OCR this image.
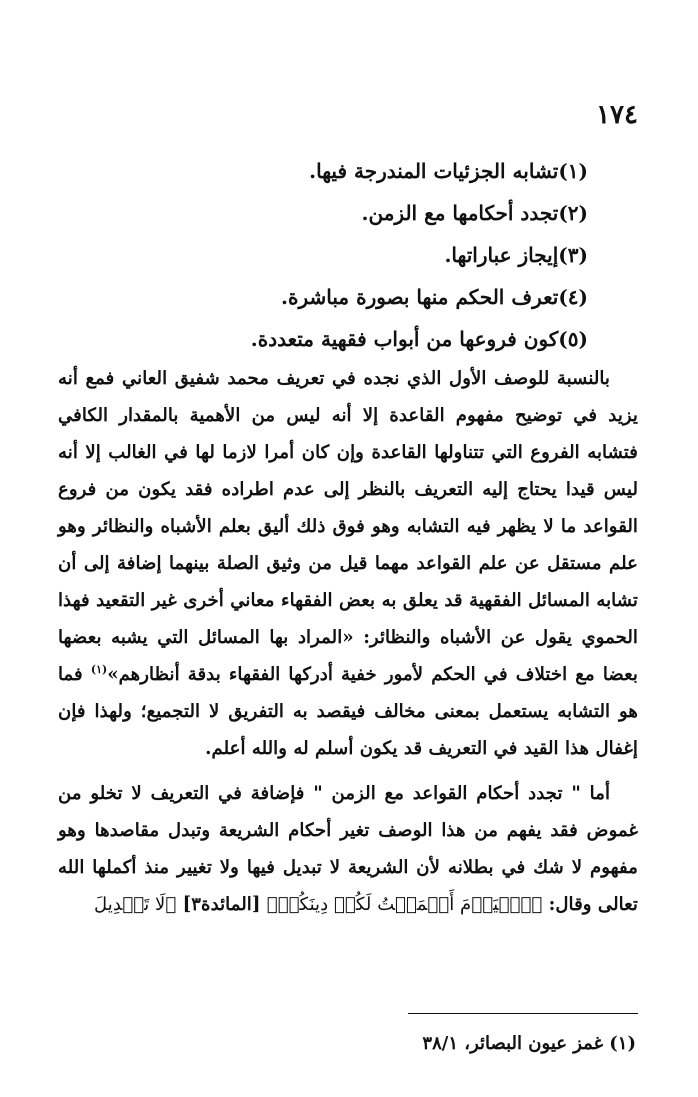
١٧٤
(١)تشابه الجزئيات المندرجة فيها.
(٢)تجدد أحكامها مع الزمن.
(٣)إيجاز عباراتها.
(٤)تعرف الحكم منها بصورة مباشرة.
(٥)كون فروعها من أبواب فقهية متعددة.

بالنسبة للوصف الأول الذي نجده في تعريف محمد شفيق العاني فمع أنه يزيد في توضيح مفهوم القاعدة إلا أنه ليس من الأهمية بالمقدار الكافي فتشابه الفروع التي تتناولها القاعدة وإن كان أمرا لازما لها في الغالب إلا أنه ليس قيدا يحتاج إليه التعريف بالنظر إلى عدم اطراده فقد يكون من فروع القواعد ما لا يظهر فيه التشابه وهو فوق ذلك أليق بعلم الأشباه والنظائر وهو علم مستقل عن علم القواعد مهما قيل من وثيق الصلة بينهما إضافة إلى أن تشابه المسائل الفقهية قد يعلق به بعض الفقهاء معاني أخرى غير التقعيد فهذا الحموي يقول عن الأشباه والنظائر: «المراد بها المسائل التي يشبه بعضها بعضا مع اختلاف في الحكم لأمور خفية أدركها الفقهاء بدقة أنظارهم»$^{(١)}$ فما هو التشابه يستعمل بمعنى مخالف فيقصد به التفريق لا التجميع؛ ولهذا فإن إغفال هذا القيد في التعريف قد يكون أسلم له والله أعلم.

أما " تجدد أحكام القواعد مع الزمن " فإضافة في التعريف لا تخلو من غموض فقد يفهم من هذا الوصف تغير أحكام الشريعة وتبدل مقاصدها وهو مفهوم لا شك في بطلانه لأن الشريعة لا تبديل فيها ولا تغيير منذ أكملها الله تعالى وقال: ﴿ٱلۡيَوۡمَ أَكۡمَلۡتُ لَكُمۡ دِينَكُمۡ﴾ [المائدة٣] ﴿لَا تَبۡدِيلَ

(١) غمز عيون البصائر، ٣٨/١
